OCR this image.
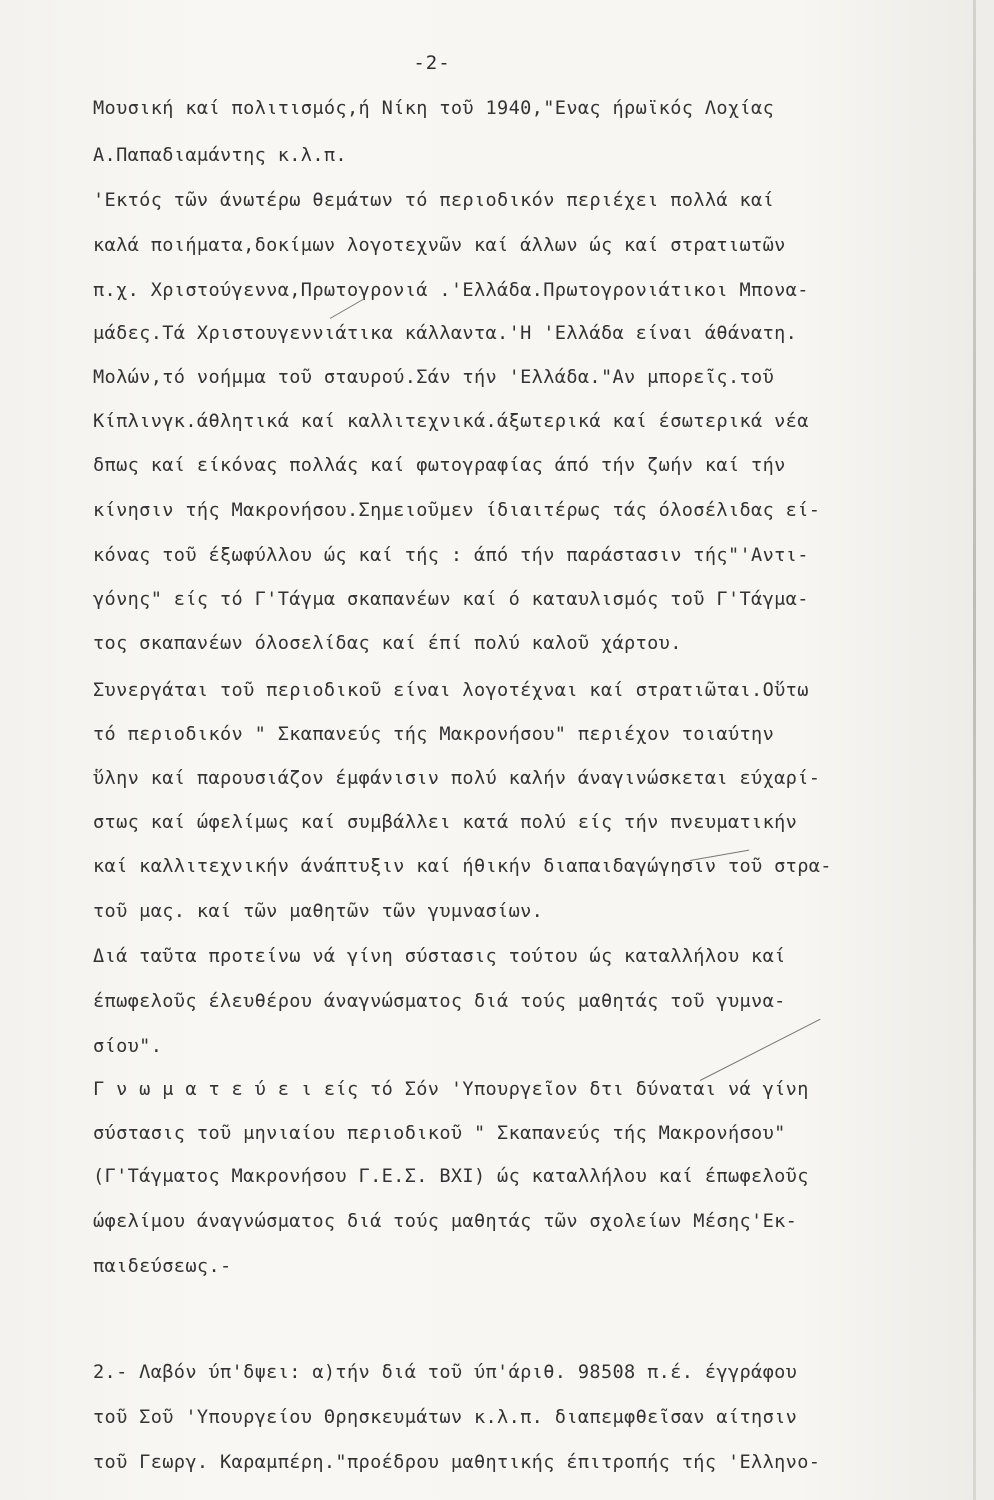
-2-
Μουσική καί πολιτισμός,ή Νίκη τοῦ 1940,"Ενας ήρωϊκός Λοχίας
Α.Παπαδιαμάντης κ.λ.π.
'Εκτός τῶν άνωτέρω θεμάτων τό περιοδικόν περιέχει πολλά καί
καλά ποιήματα,δοκίμων λογοτεχνῶν καί άλλων ώς καί στρατιωτῶν
π.χ. Χριστούγεννα,Πρωτογρονιά .'Ελλάδα.Πρωτογρονιάτικοι Μπονα-
μάδες.Τά Χριστουγεννιάτικα κάλλαντα.'Η 'Ελλάδα είναι άθάνατη.
Μολών,τό νοήμμα τοῦ σταυρού.Σάν τήν 'Ελλάδα."Αν μπορεῖς.τοῦ
Κίπλινγκ.άθλητικά καί καλλιτεχνικά.άξωτερικά καί έσωτερικά νέα
δπως καί είκόνας πολλάς καί φωτογραφίας άπό τήν ζωήν καί τήν
κίνησιν τής Μακρονήσου.Σημειοῦμεν ίδιαιτέρως τάς όλοσέλιδας εί-
κόνας τοῦ έξωφύλλου ώς καί τής : άπό τήν παράστασιν τής"'Αντι-
γόνης" είς τό Γ'Τάγμα σκαπανέων καί ό καταυλισμός τοῦ Γ'Τάγμα-
τος σκαπανέων όλοσελίδας καί έπί πολύ καλοῦ χάρτου.
Συνεργάται τοῦ περιοδικοῦ είναι λογοτέχναι καί στρατιῶται.Οὕτω
τό περιοδικόν " Σκαπανεύς τής Μακρονήσου" περιέχον τοιαύτην
ὕλην καί παρουσιάζον έμφάνισιν πολύ καλήν άναγινώσκεται εύχαρί-
στως καί ώφελίμως καί συμβάλλει κατά πολύ είς τήν πνευματικήν
καί καλλιτεχνικήν άνάπτυξιν καί ήθικήν διαπαιδαγώγησιν τοῦ στρα-
τοῦ μας. καί τῶν μαθητῶν τῶν γυμνασίων.
Διά ταῦτα προτείνω νά γίνη σύστασις τούτου ώς καταλλήλου καί
έπωφελοῦς έλευθέρου άναγνώσματος διά τούς μαθητάς τοῦ γυμνα-
σίου".
Γ ν ω μ α τ ε ύ ε ι είς τό Σόν 'Υπουργεῖον δτι δύναται νά γίνη
σύστασις τοῦ μηνιαίου περιοδικοῦ " Σκαπανεύς τής Μακρονήσου"
(Γ'Τάγματος Μακρονήσου Γ.Ε.Σ. ΒΧΙ) ώς καταλλήλου καί έπωφελοῦς
ώφελίμου άναγνώσματος διά τούς μαθητάς τῶν σχολείων Μέσης'Εκ-
παιδεύσεως.-
2.- Λαβόν ύπ'δψει: α)τήν διά τοῦ ύπ'άριθ. 98508 π.έ. έγγράφου
τοῦ Σοῦ 'Υπουργείου Θρησκευμάτων κ.λ.π. διαπεμφθεῖσαν αίτησιν
τοῦ Γεωργ. Καραμπέρη."προέδρου μαθητικής έπιτροπής τής 'Ελληνο-
